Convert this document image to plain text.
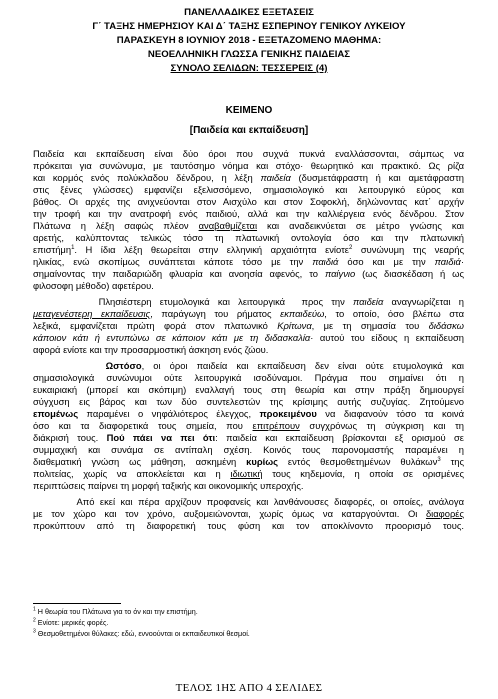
ΠΑΝΕΛΛΑΔΙΚΕΣ ΕΞΕΤΑΣΕΙΣ
Γ΄ ΤΑΞΗΣ ΗΜΕΡΗΣΙΟΥ ΚΑΙ Δ΄ ΤΑΞΗΣ ΕΣΠΕΡΙΝΟΥ ΓΕΝΙΚΟΥ ΛΥΚΕΙΟΥ
ΠΑΡΑΣΚΕΥΗ 8 ΙΟΥΝΙΟΥ 2018 - ΕΞΕΤΑΖΟΜΕΝΟ ΜΑΘΗΜΑ:
ΝΕΟΕΛΛΗΝΙΚΗ ΓΛΩΣΣΑ ΓΕΝΙΚΗΣ ΠΑΙΔΕΙΑΣ
ΣΥΝΟΛΟ ΣΕΛΙΔΩΝ: ΤΕΣΣΕΡΕΙΣ (4)
ΚΕΙΜΕΝΟ
[Παιδεία και εκπαίδευση]
Παιδεία και εκπαίδευση είναι δύο όροι που συχνά πυκνά εναλλάσσονται, σάμπως να
πρόκειται για συνώνυμα, με ταυτόσημο νόημα και στόχο· θεωρητικό και πρακτικό. Ως ρίζα
και κορμός ενός πολύκλαδου δένδρου, η λέξη παιδεία (δυσμετάφραστη ή και αμετάφραστη
στις ξένες γλώσσες) εμφανίζει εξελισσόμενο, σημασιολογικό και λειτουργικό εύρος και
βάθος. Οι αρχές της ανιχνεύονται στον Αισχύλο και στον Σοφοκλή, δηλώνοντας κατ΄ αρχήν
την τροφή και την ανατροφή ενός παιδιού, αλλά και την καλλιέργεια ενός δένδρου. Στον
Πλάτωνα η λέξη σαφώς πλέον αναβαθμίζεται και αναδεικνύεται σε μέτρο γνώσης και
αρετής, καλύπτοντας τελικώς τόσο τη πλατωνική οντολογία όσο και την πλατωνική
επιστήμη$^1$. Η ίδια λέξη θεωρείται στην ελληνική αρχαιότητα ενίοτε$^2$ συνώνυμη της νεαρής
ηλικίας, ενώ σκοπίμως συνάπτεται κάποτε τόσο με την παιδιά όσο και με την παιδιά·
σημαίνοντας την παιδαριώδη φλυαρία και ανοησία αφενός, το παίγνιο (ως διασκέδαση ή ως
φιλοσοφη μέθοδο) αφετέρου.
Πλησιέστερη ετυμολογικά και λειτουργικά  προς την παιδεία αναγνωρίζεται η
μεταγενέστερη εκπαίδευσις, παράγωγη του ρήματος εκπαιδεύω, το οποίο, όσο βλέπω στα
λεξικά, εμφανίζεται πρώτη φορά στον πλατωνικό Κρίτωνα, με τη σημασία του διδάσκω
κάποιον κάτι ή εντυπώνω σε κάποιον κάτι με τη διδασκαλία· αυτού του είδους η εκπαίδευση
αφορά ενίοτε και την προσαρμοστική άσκηση ενός ζώου.
Ωστόσο, οι όροι παιδεία και εκπαίδευση δεν είναι ούτε ετυμολογικά και
σημασιολογικά συνώνυμοι ούτε λειτουργικά ισοδύναμοι. Πράγμα που σημαίνει ότι η
ευκαιριακή (μπορεί και σκόπιμη) εναλλαγή τους στη θεωρία και στην πράξη δημιουργεί
σύγχυση εις βάρος και των δύο συντελεστών της κρίσιμης αυτής συζυγίας. Ζητούμενο
επομένως παραμένει ο νηφάλιότερος έλεγχος, προκειμένου να διαφανούν τόσο τα κοινά
όσο και τα διαφορετικά τους σημεία, που επιτρέπουν συγχρόνως τη σύγκριση και τη
διάκρισή τους. Πού πάει να πει ότι: παιδεία και εκπαίδευση βρίσκονται εξ ορισμού σε
συμμαχική και συνάμα σε αντίπαλη σχέση. Κοινός τους παρονομαστής παραμένει η
διαθεματική γνώση ως μάθηση, ασκημένη κυρίως εντός θεσμοθετημένων θυλάκων$^3$ της
πολιτείας, χωρίς να αποκλείεται και η ιδιωτική τους κηδεμονία, η οποία σε ορισμένες
περιπτώσεις παίρνει τη μορφή ταξικής και οικονομικής υπεροχής.
Από εκεί και πέρα αρχίζουν προφανείς και λανθάνουσες διαφορές, οι οποίες, ανάλογα
με τον χώρο και τον χρόνο, αυξομειώνονται, χωρίς όμως να καταργούνται. Οι διαφορές
προκύπτουν από τη διαφορετική τους φύση και τον αποκλίνοντο προορισμό τους.
$^1$ Η θεωρία του Πλάτωνα για το όν και την επιστήμη.
$^2$ Ενίοτε: μερικές φορές.
$^3$ Θεσμοθετημένοι θύλακες: εδώ, εννοούνται οι εκπαιδευτικοί θεσμοί.
ΤΕΛΟΣ 1ΗΣ ΑΠΟ 4 ΣΕΛΙΔΕΣ
